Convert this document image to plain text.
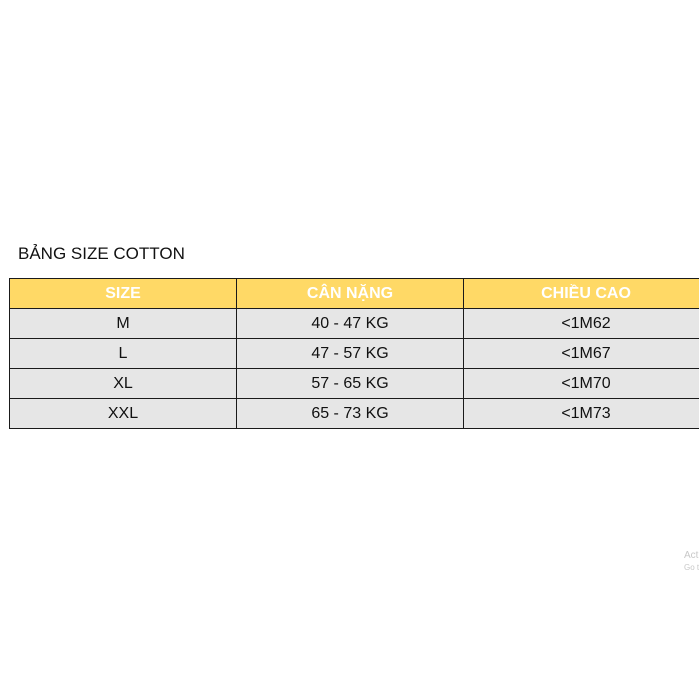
BẢNG SIZE COTTON
SIZE	CÂN NẶNG	CHIỀU CAO
M	40 - 47 KG	<1M62
L	47 - 57 KG	<1M67
XL	57 - 65 KG	<1M70
XXL	65 - 73 KG	<1M73
Act
Go t
